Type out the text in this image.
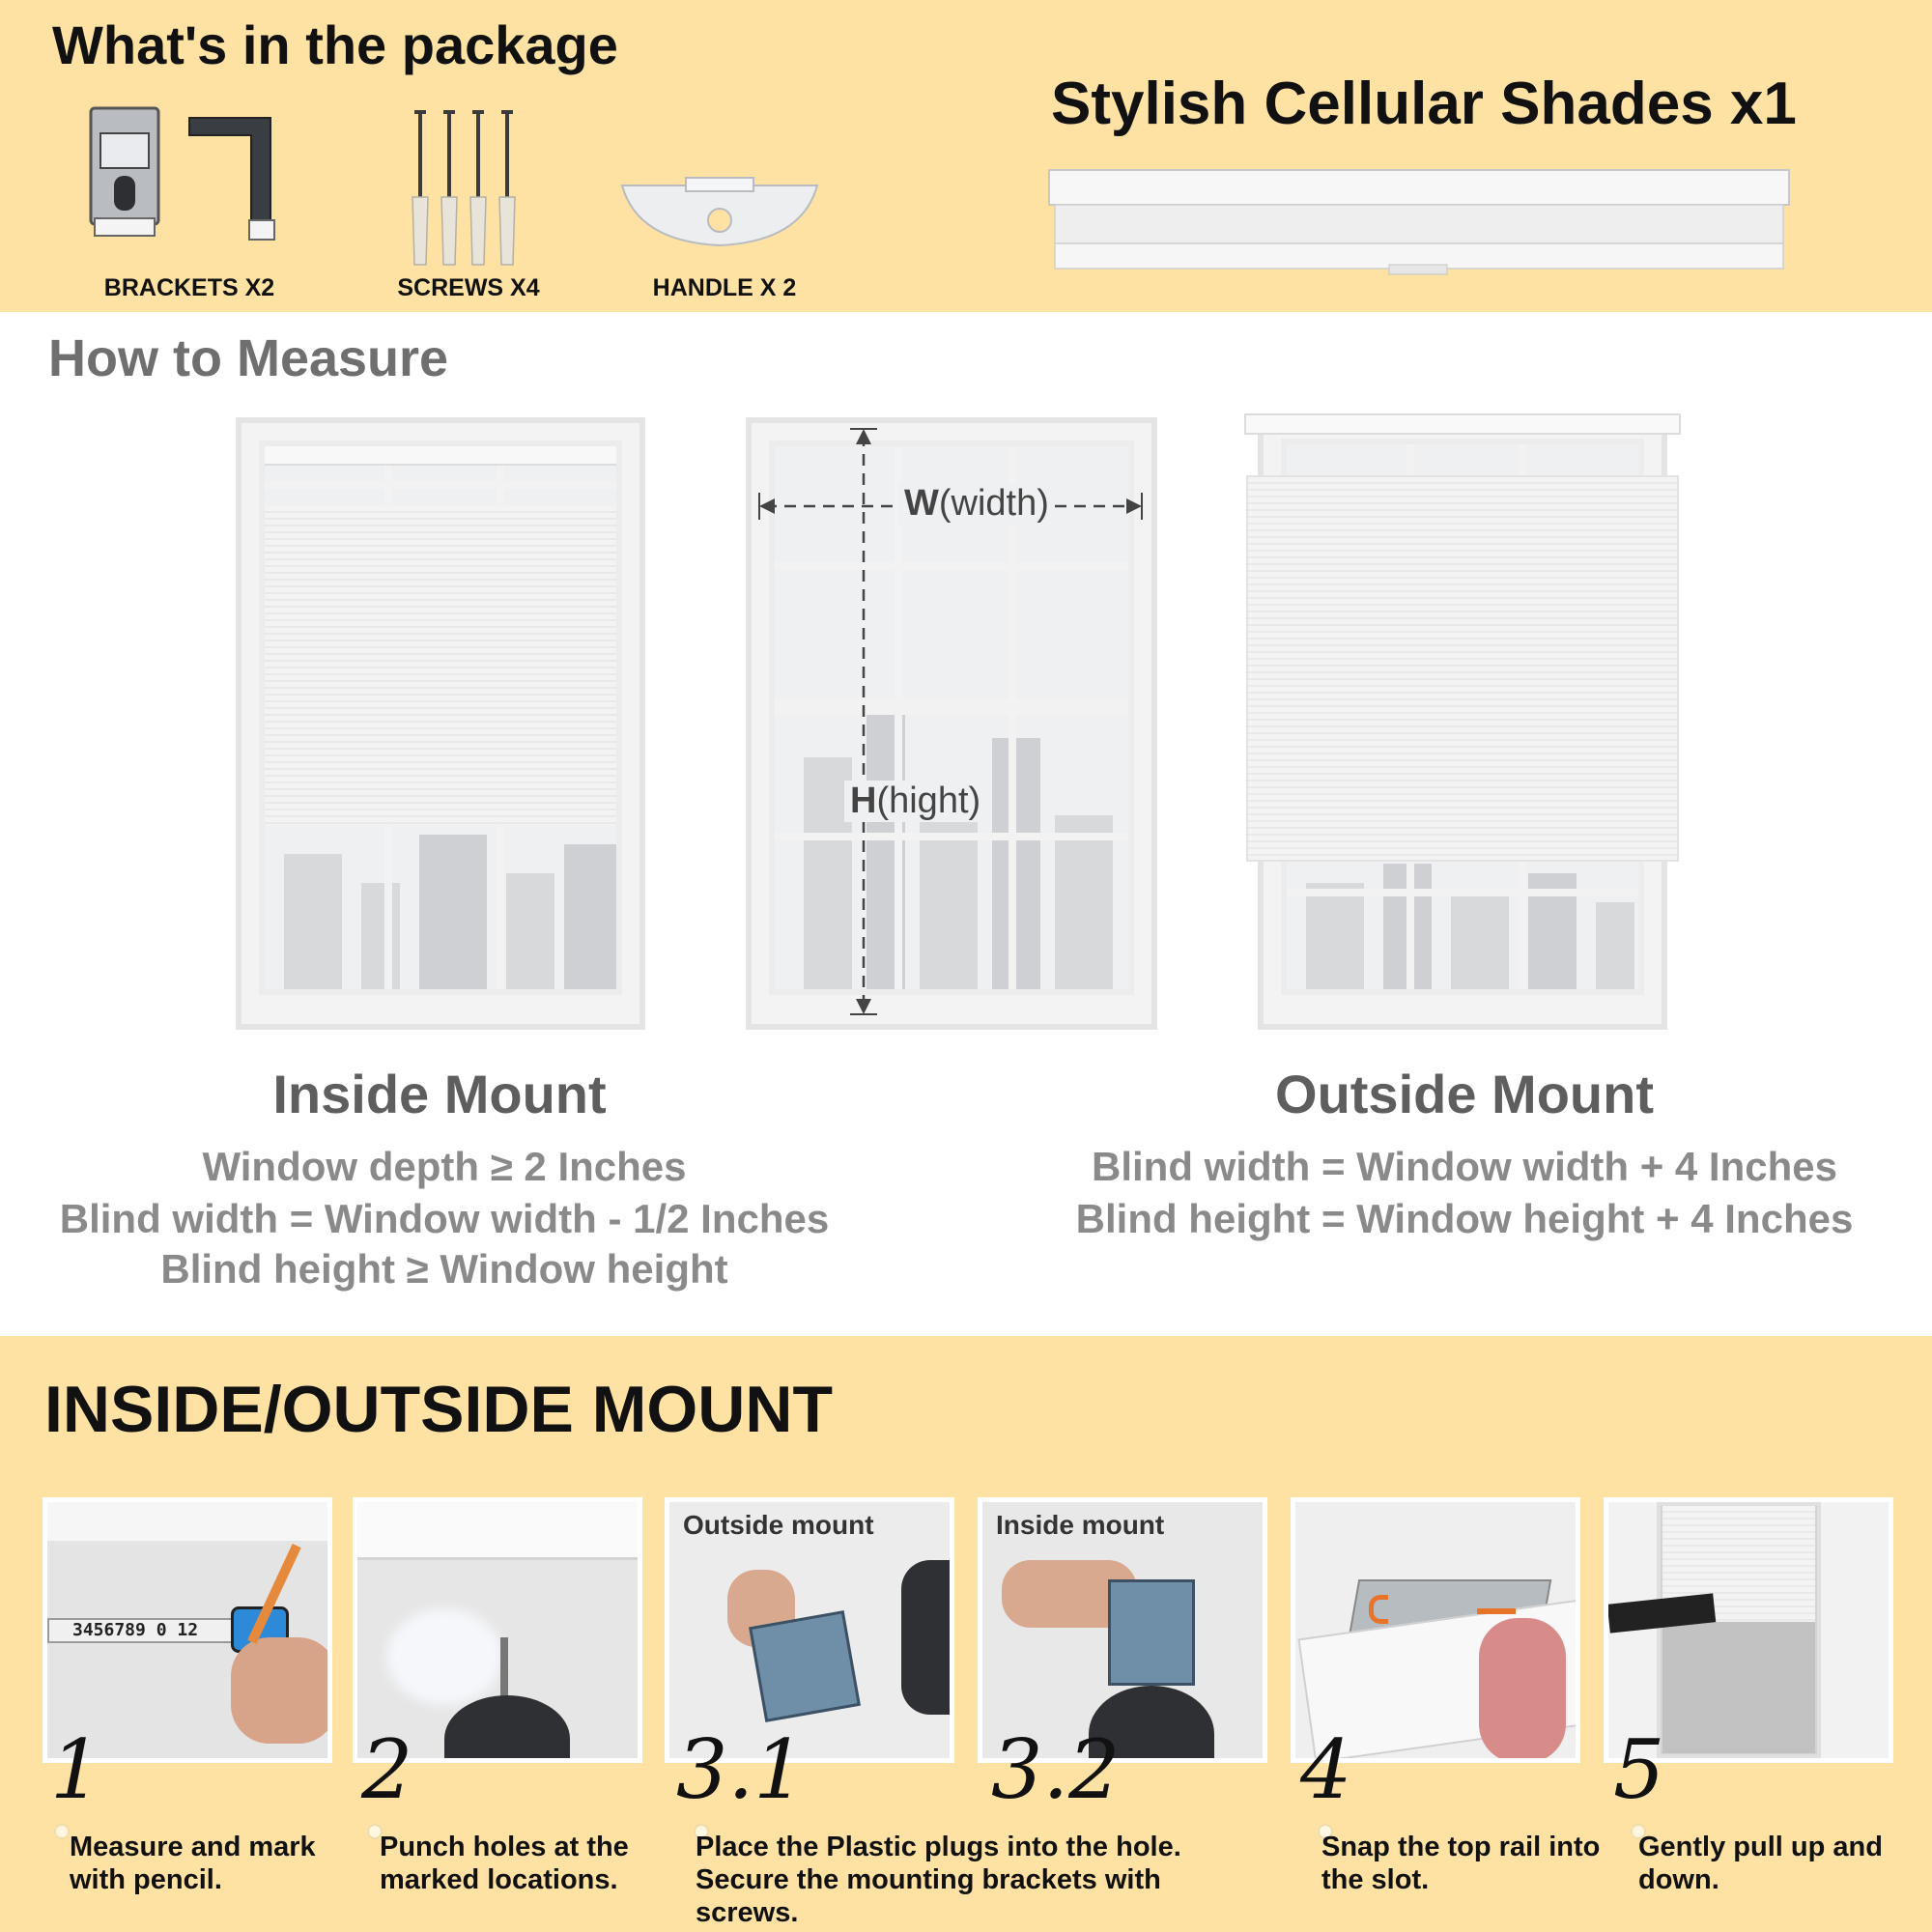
What's in the package
BRACKETS X2	SCREWS X4	HANDLE X 2
Stylish Cellular Shades x1
How to Measure
W(width)
H(hight)
Inside Mount
Window depth ≥ 2 Inches
Blind width = Window width - 1/2 Inches
Blind height ≥ Window height
Outside Mount
Blind width = Window width + 4 Inches
Blind height = Window height + 4 Inches
INSIDE/OUTSIDE MOUNT
3456789 0 12
1
Measure and mark with pencil.
2
Punch holes at the marked locations.
Outside mount
3.1
Place the Plastic plugs into the hole. Secure the mounting brackets with screws.
Inside mount
3.2 4
Snap the top rail into the slot.
5
Gently pull up and down.
